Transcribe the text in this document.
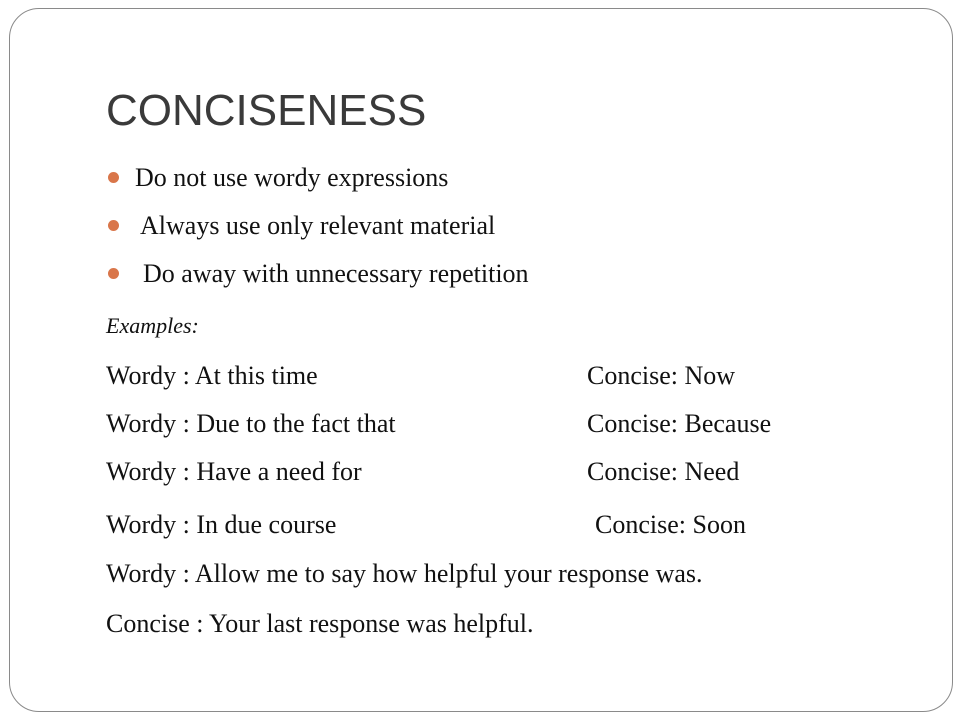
CONCISENESS
Do not use wordy expressions
Always use only relevant material
Do away with unnecessary repetition
Examples:
Wordy : At this time	Concise: Now
Wordy : Due to the fact that	Concise: Because
Wordy : Have a need for	Concise: Need
Wordy : In due course	Concise: Soon
Wordy : Allow me to say how helpful your response was.
Concise : Your last response was helpful.
